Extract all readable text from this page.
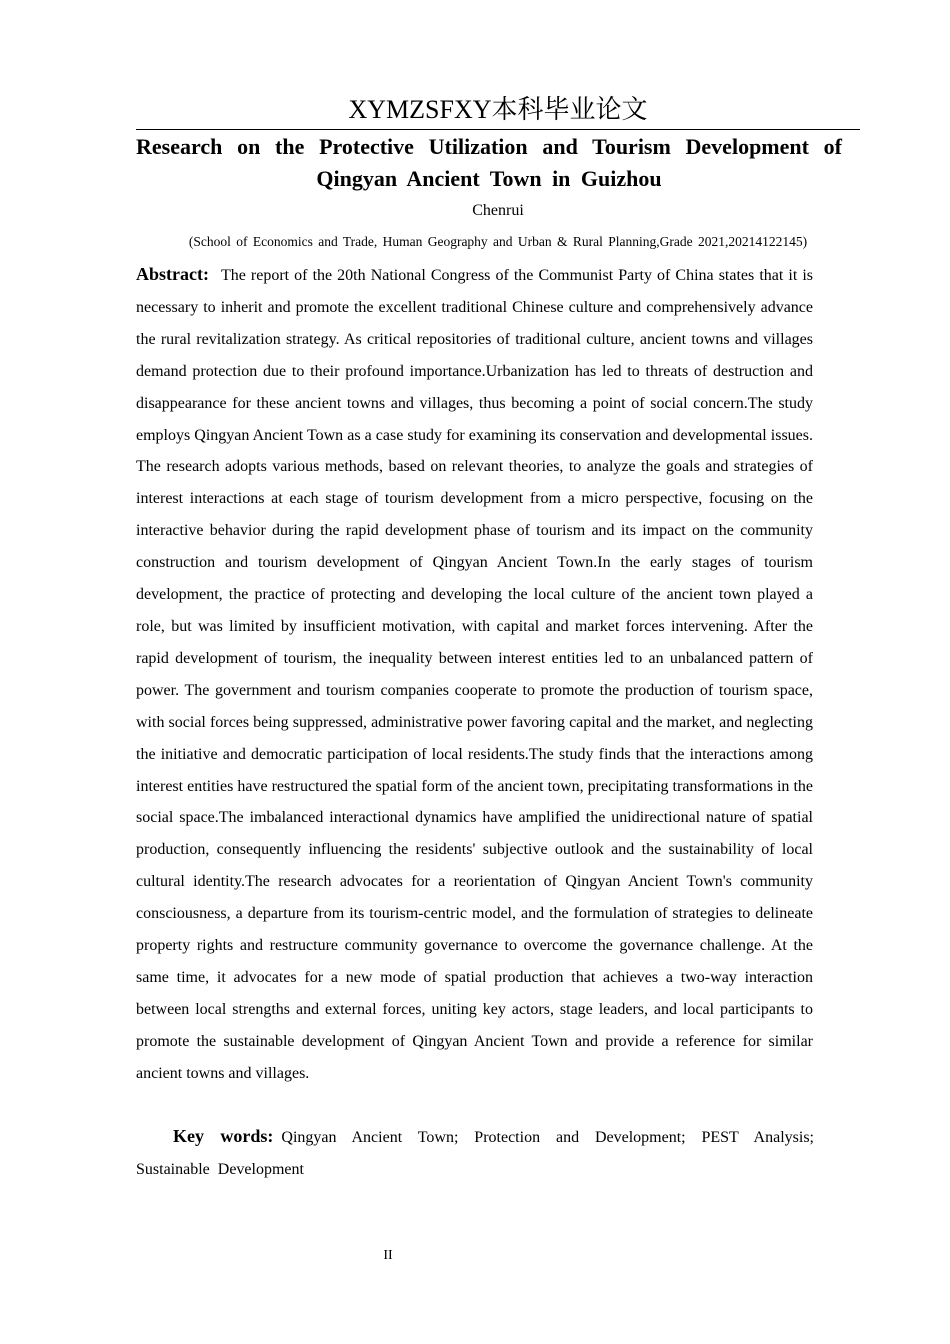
XYMZSFXY本科毕业论文
Research on the Protective Utilization and Tourism Development of
Qingyan Ancient Town in Guizhou
Chenrui
(School of Economics and Trade, Human Geography and Urban & Rural Planning,Grade 2021,20214122145)
Abstract: The report of the 20th National Congress of the Communist Party of China states that it is necessary to inherit and promote the excellent traditional Chinese culture and comprehensively advance the rural revitalization strategy. As critical repositories of traditional culture, ancient towns and villages demand protection due to their profound importance.Urbanization has led to threats of destruction and disappearance for these ancient towns and villages, thus becoming a point of social concern.The study employs Qingyan Ancient Town as a case study for examining its conservation and developmental issues. The research adopts various methods, based on relevant theories, to analyze the goals and strategies of interest interactions at each stage of tourism development from a micro perspective, focusing on the interactive behavior during the rapid development phase of tourism and its impact on the community construction and tourism development of Qingyan Ancient Town.In the early stages of tourism development, the practice of protecting and developing the local culture of the ancient town played a role, but was limited by insufficient motivation, with capital and market forces intervening. After the rapid development of tourism, the inequality between interest entities led to an unbalanced pattern of power. The government and tourism companies cooperate to promote the production of tourism space, with social forces being suppressed, administrative power favoring capital and the market, and neglecting the initiative and democratic participation of local residents.The study finds that the interactions among interest entities have restructured the spatial form of the ancient town, precipitating transformations in the social space.The imbalanced interactional dynamics have amplified the unidirectional nature of spatial production, consequently influencing the residents' subjective outlook and the sustainability of local cultural identity.The research advocates for a reorientation of Qingyan Ancient Town's community consciousness, a departure from its tourism-centric model, and the formulation of strategies to delineate property rights and restructure community governance to overcome the governance challenge. At the same time, it advocates for a new mode of spatial production that achieves a two-way interaction between local strengths and external forces, uniting key actors, stage leaders, and local participants to promote the sustainable development of Qingyan Ancient Town and provide a reference for similar ancient towns and villages.
Key words: Qingyan Ancient Town; Protection and Development; PEST Analysis; Sustainable Development
II
